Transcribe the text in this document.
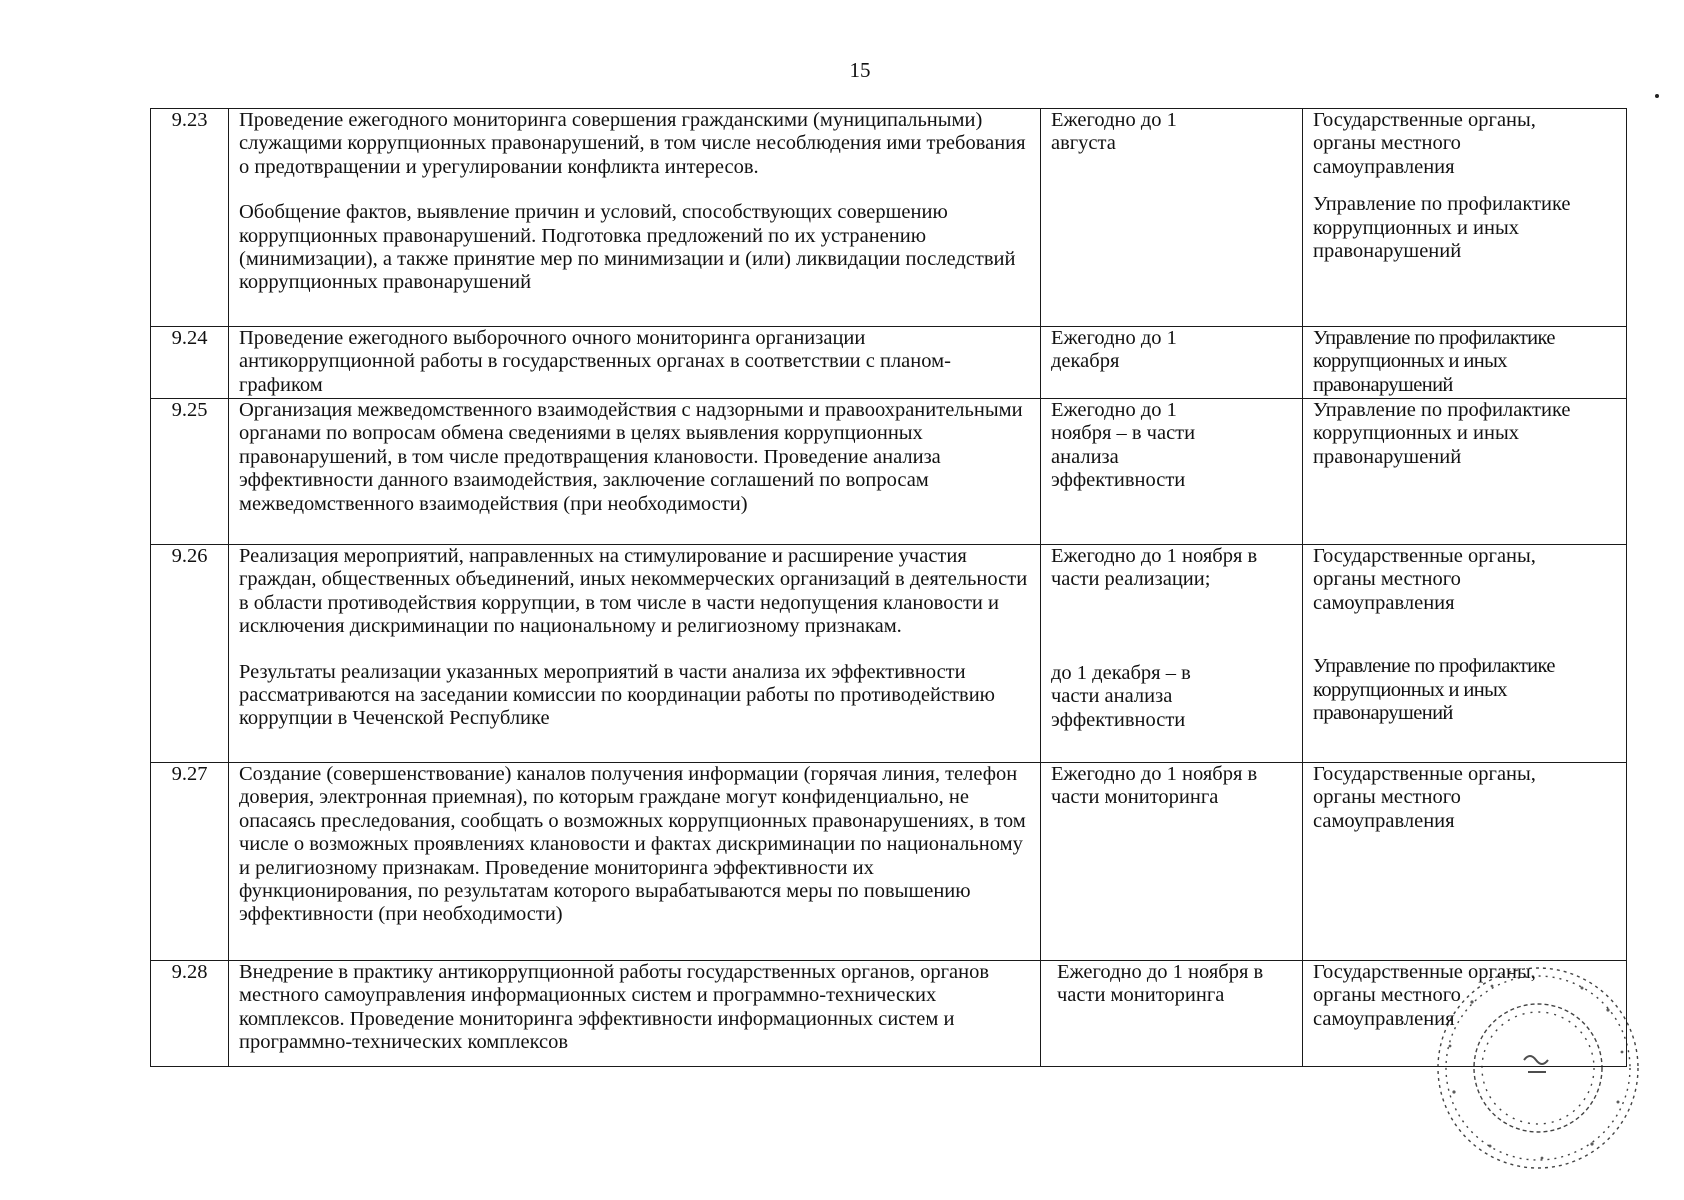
15
9.23	Проведение ежегодного мониторинга совершения гражданскими (муниципальными) служащими коррупционных правонарушений, в том числе несоблюдения ими требования о предотвращении и урегулировании конфликта интересов.
Обобщение фактов, выявление причин и условий, способствующих совершению коррупционных правонарушений. Подготовка предложений по их устранению (минимизации), а также принятие мер по минимизации и (или) ликвидации последствий коррупционных правонарушений	Ежегодно до 1 августа	Государственные органы, органы местного самоуправления
Управление по профилактике коррупционных и иных правонарушений

9.24	Проведение ежегодного выборочного очного мониторинга организации антикоррупционной работы в государственных органах в соответствии с планом-графиком	Ежегодно до 1 декабря	Управление по профилактике коррупционных и иных правонарушений

9.25	Организация межведомственного взаимодействия с надзорными и правоохранительными органами по вопросам обмена сведениями в целях выявления коррупционных правонарушений, в том числе предотвращения клановости. Проведение анализа эффективности данного взаимодействия, заключение соглашений по вопросам межведомственного взаимодействия (при необходимости)	Ежегодно до 1 ноября – в части анализа эффективности	Управление по профилактике коррупционных и иных правонарушений

9.26	Реализация мероприятий, направленных на стимулирование и расширение участия граждан, общественных объединений, иных некоммерческих организаций в деятельности в области противодействия коррупции, в том числе в части недопущения клановости и исключения дискриминации по национальному и религиозному признакам.
Результаты реализации указанных мероприятий в части анализа их эффективности рассматриваются на заседании комиссии по координации работы по противодействию коррупции в Чеченской Республике	Ежегодно до 1 ноября в части реализации;
до 1 декабря – в части анализа эффективности	Государственные органы, органы местного самоуправления
Управление по профилактике коррупционных и иных правонарушений

9.27	Создание (совершенствование) каналов получения информации (горячая линия, телефон доверия, электронная приемная), по которым граждане могут конфиденциально, не опасаясь преследования, сообщать о возможных коррупционных правонарушениях, в том числе о возможных проявлениях клановости и фактах дискриминации по национальному и религиозному признакам. Проведение мониторинга эффективности их функционирования, по результатам которого вырабатываются меры по повышению эффективности (при необходимости)	Ежегодно до 1 ноября в части мониторинга	Государственные органы, органы местного самоуправления

9.28	Внедрение в практику антикоррупционной работы государственных органов, органов местного самоуправления информационных систем и программно-технических комплексов. Проведение мониторинга эффективности информационных систем и программно-технических комплексов	Ежегодно до 1 ноября в части мониторинга	Государственные органы, органы местного самоуправления
